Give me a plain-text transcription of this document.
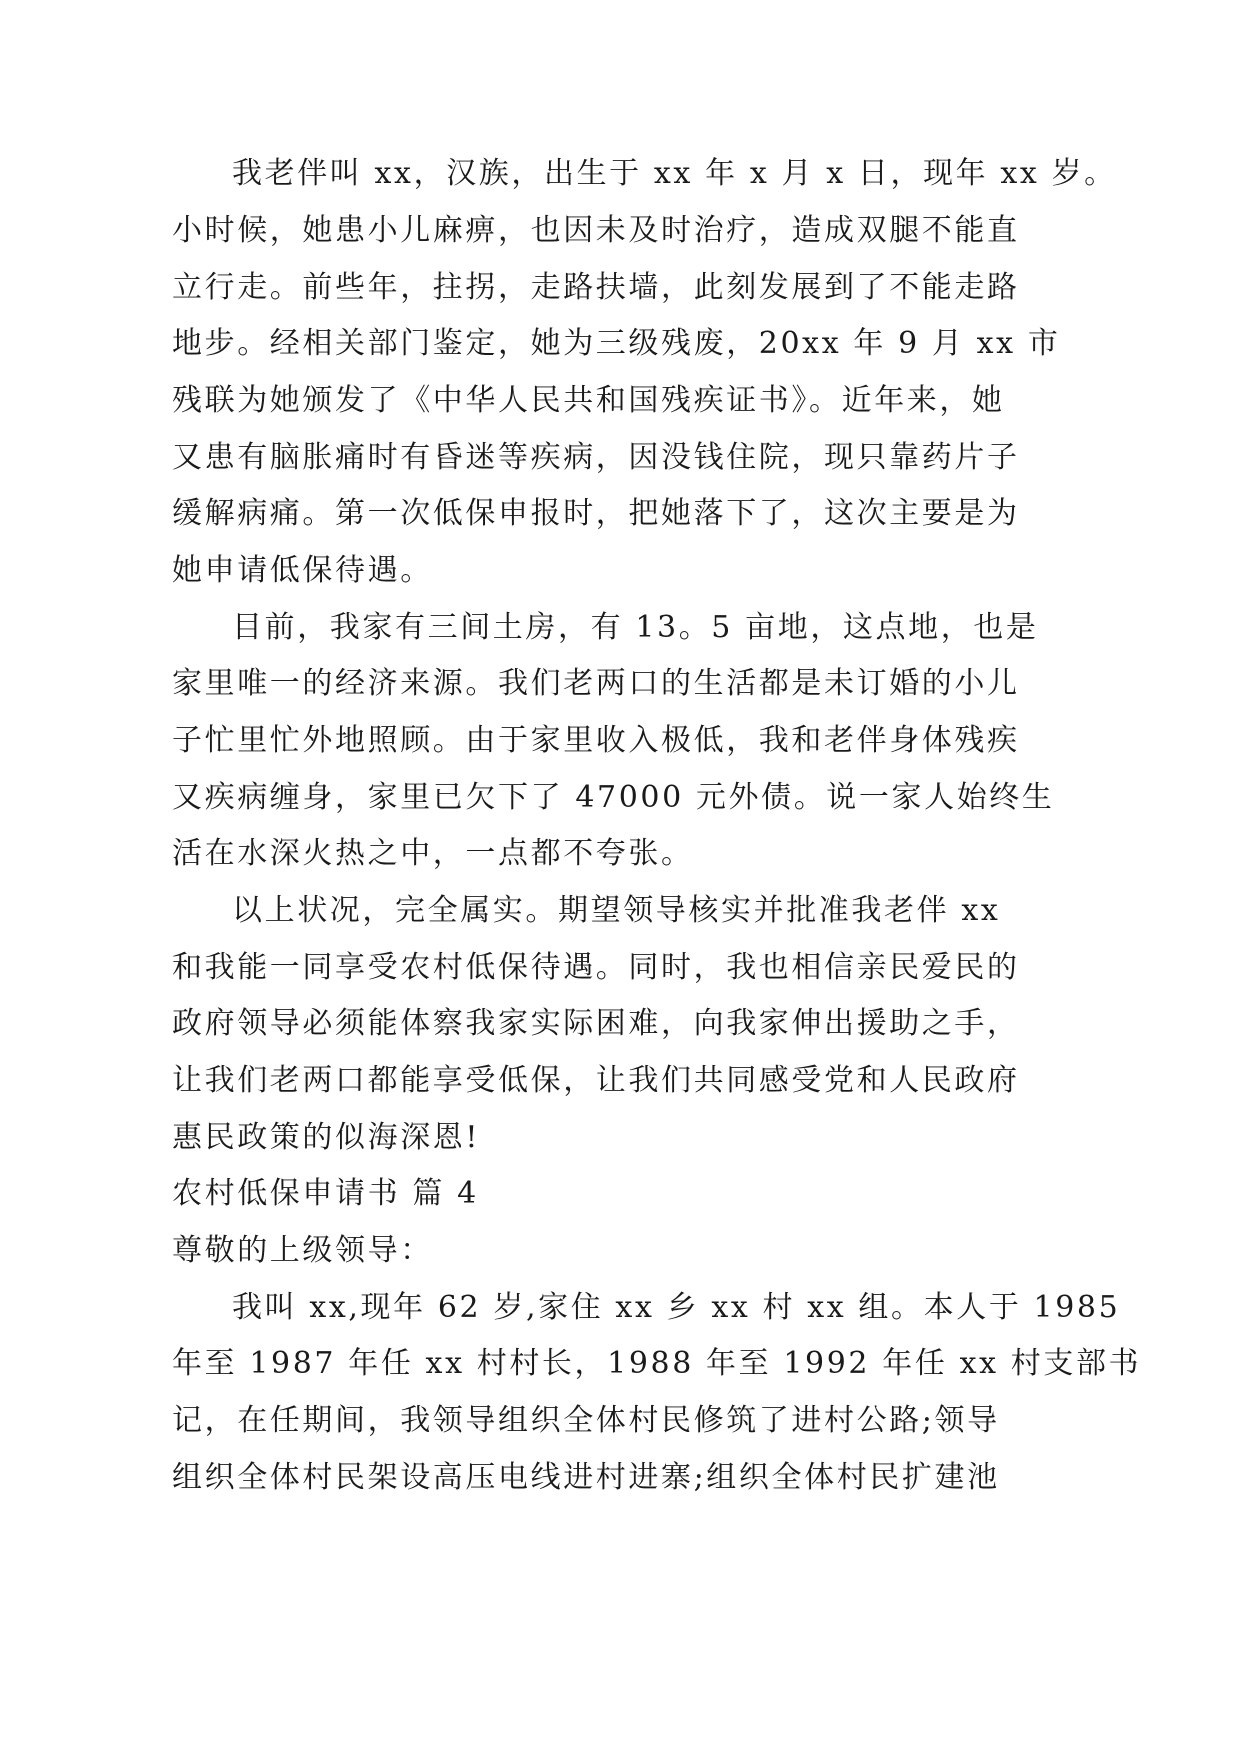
我老伴叫 xx，汉族，出生于 xx 年 x 月 x 日，现年 xx 岁。
小时候，她患小儿麻痹，也因未及时治疗，造成双腿不能直
立行走。前些年，拄拐，走路扶墙，此刻发展到了不能走路
地步。经相关部门鉴定，她为三级残废，20xx 年 9 月 xx 市
残联为她颁发了《中华人民共和国残疾证书》。近年来，她
又患有脑胀痛时有昏迷等疾病，因没钱住院，现只靠药片子
缓解病痛。第一次低保申报时，把她落下了，这次主要是为
她申请低保待遇。
目前，我家有三间土房，有 13。5 亩地，这点地，也是
家里唯一的经济来源。我们老两口的生活都是未订婚的小儿
子忙里忙外地照顾。由于家里收入极低，我和老伴身体残疾
又疾病缠身，家里已欠下了 47000 元外债。说一家人始终生
活在水深火热之中，一点都不夸张。
以上状况，完全属实。期望领导核实并批准我老伴 xx
和我能一同享受农村低保待遇。同时，我也相信亲民爱民的
政府领导必须能体察我家实际困难，向我家伸出援助之手，
让我们老两口都能享受低保，让我们共同感受党和人民政府
惠民政策的似海深恩!
农村低保申请书 篇 4
尊敬的上级领导：
我叫 xx,现年 62 岁,家住 xx 乡 xx 村 xx 组。本人于 1985
年至 1987 年任 xx 村村长，1988 年至 1992 年任 xx 村支部书
记，在任期间，我领导组织全体村民修筑了进村公路;领导
组织全体村民架设高压电线进村进寨;组织全体村民扩建池
